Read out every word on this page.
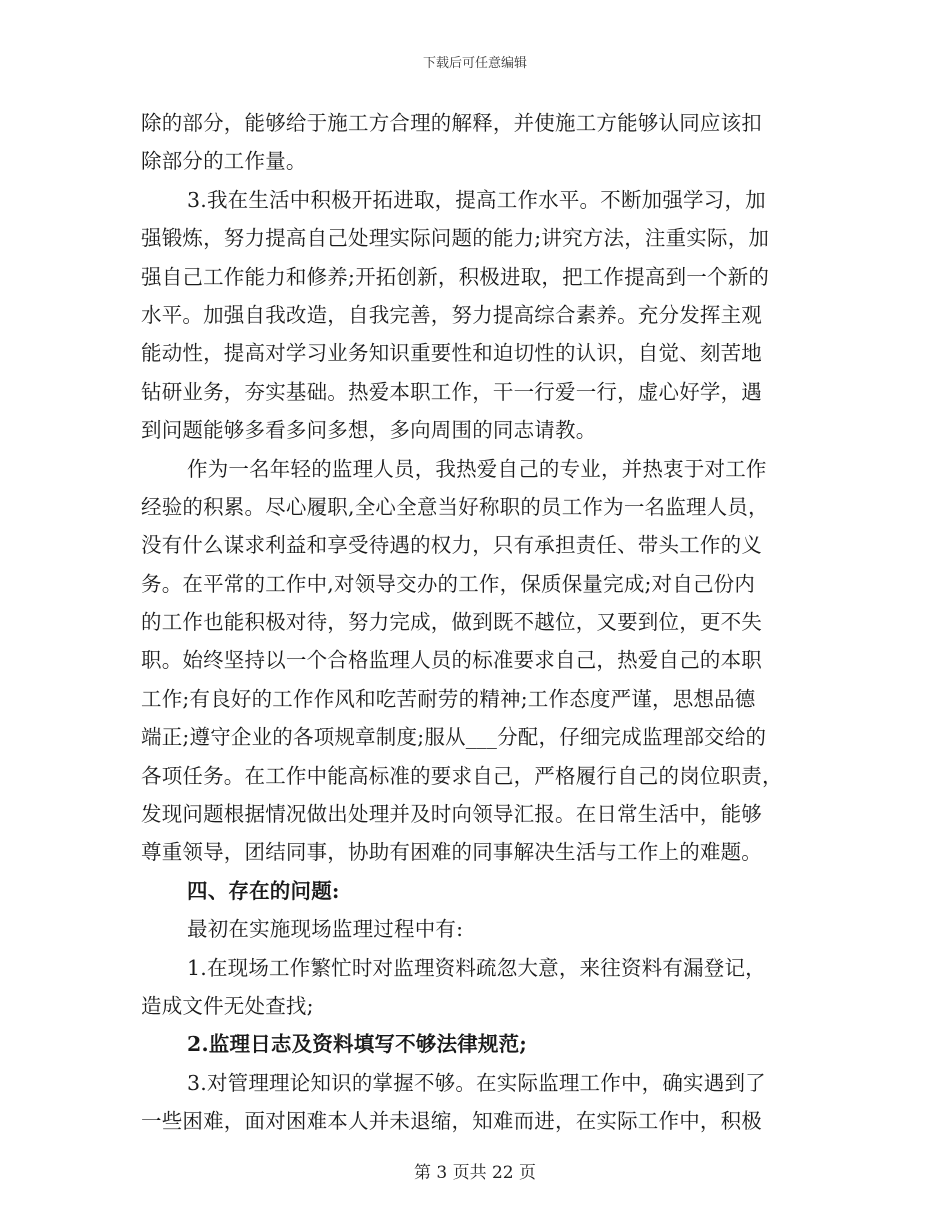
下载后可任意编辑
除的部分，能够给于施工方合理的解释，并使施工方能够认同应该扣
除部分的工作量。
3.我在生活中积极开拓进取，提高工作水平。不断加强学习，加
强锻炼，努力提高自己处理实际问题的能力;讲究方法，注重实际，加
强自己工作能力和修养;开拓创新，积极进取，把工作提高到一个新的
水平。加强自我改造，自我完善，努力提高综合素养。充分发挥主观
能动性，提高对学习业务知识重要性和迫切性的认识，自觉、刻苦地
钻研业务，夯实基础。热爱本职工作，干一行爱一行，虚心好学，遇
到问题能够多看多问多想，多向周围的同志请教。
作为一名年轻的监理人员，我热爱自己的专业，并热衷于对工作
经验的积累。尽心履职,全心全意当好称职的员工作为一名监理人员，
没有什么谋求利益和享受待遇的权力，只有承担责任、带头工作的义
务。在平常的工作中,对领导交办的工作，保质保量完成;对自己份内
的工作也能积极对待，努力完成，做到既不越位，又要到位，更不失
职。始终坚持以一个合格监理人员的标准要求自己，热爱自己的本职
工作;有良好的工作作风和吃苦耐劳的精神;工作态度严谨，思想品德
端正;遵守企业的各项规章制度;服从___分配，仔细完成监理部交给的
各项任务。在工作中能高标准的要求自己，严格履行自己的岗位职责，
发现问题根据情况做出处理并及时向领导汇报。在日常生活中，能够
尊重领导，团结同事，协助有困难的同事解决生活与工作上的难题。
四、存在的问题:
最初在实施现场监理过程中有:
1.在现场工作繁忙时对监理资料疏忽大意，来往资料有漏登记，
造成文件无处查找;
2.监理日志及资料填写不够法律规范;
3.对管理理论知识的掌握不够。在实际监理工作中，确实遇到了
一些困难，面对困难本人并未退缩，知难而进，在实际工作中，积极
第 3 页共 22 页
